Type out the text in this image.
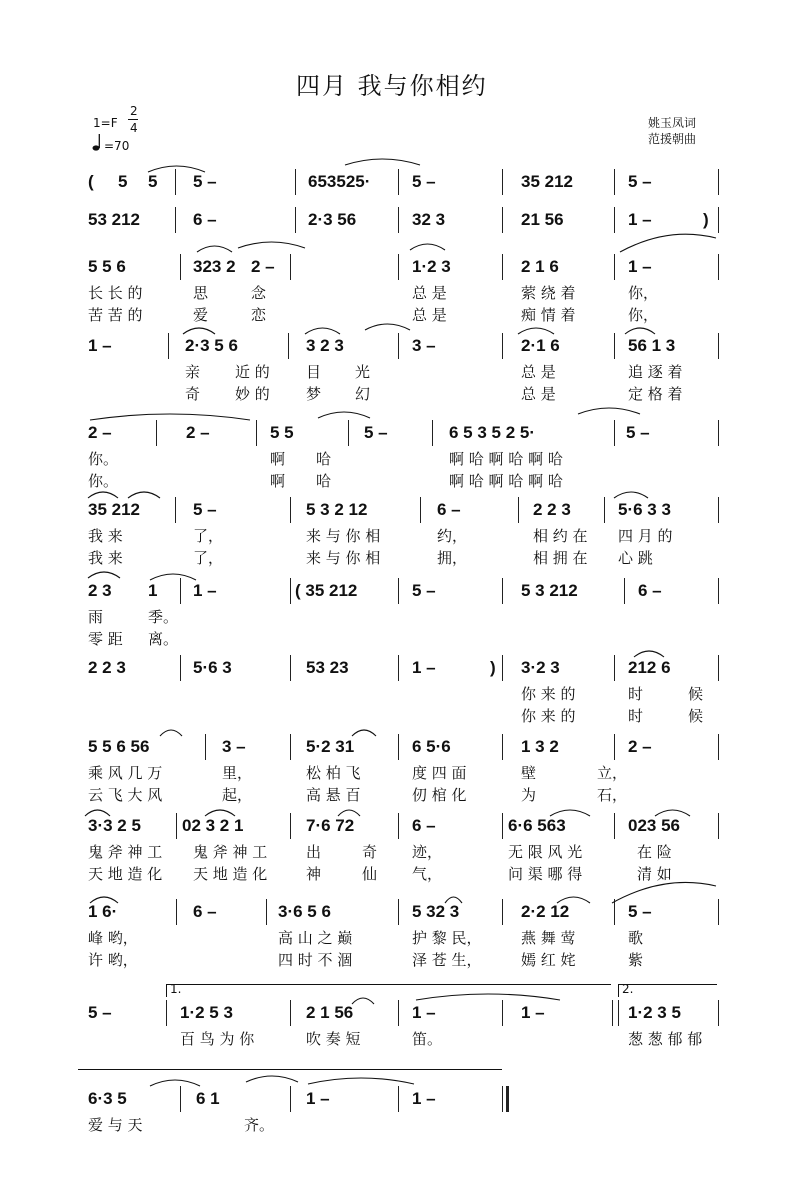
四月 我与你相约
1=F
2
4
=70
姚玉凤词
范援朝曲
( 5 5 5 –	653525· 5 –	35 212	5 –
53 212	6 –	2·3 56	32 3	21 56	1 –	)
5 5 6	323 2 2 –	1·2 3	2 1 6	1 –
长 长 的	思	念	总 是	萦 绕 着	你，
苦 苦 的	爱	恋	总 是	痴 情 着	你，
1 –	2·3 5 6	3 2 3	3 –	2·1 6	56 1 3
亲 近 的 目 光	总 是	追 逐 着
奇 妙 的 梦 幻	总 是	定 格 着
2 –	2 –	5 5	5 –	6 5 3 5 2 5·	5 –
你。	啊 哈	啊 哈 啊 哈 啊 哈
你。	啊 哈	啊 哈 啊 哈 啊 哈
35 212	5 –	5 3 2 12	6 –	2 2 3	5·6 3 3
我 来	了，	来 与 你 相	约，	相 约 在 四 月 的
我 来	了，	来 与 你 相	拥，	相 拥 在 心 跳
2 3 1 1 –	( 35 212	5 –	5 3 212	6 –
雨	季。
零 距 离。
2 2 3	5·6 3	53 23	1 –	) 3·2 3	212 6
你 来 的	时	候
你 来 的	时	候
5 5 6 56	3 –	5·2 31	6 5·6	1 3 2	2 –
乘 风 几 万	里，	松 柏 飞	度 四 面	壁	立，
云 飞 大 风	起，	高 悬 百	仞 棺 化	为	石，
3·3 2 5 02 3 2 1	7·6 72	6 –	6·6 563	023 56
鬼 斧 神 工 鬼 斧 神 工	出	奇 迹，	无 限 风 光	在 险
天 地 造 化 天 地 造 化	神	仙 气，	问 渠 哪 得	清 如
1 6·	6 –	3·6 5 6	5 32 3	2·2 12	5 –
峰 哟，	高 山 之 巅	护 黎 民，	燕 舞 莺	歌
许 哟，	四 时 不 涸	泽 苍 生，	嫣 红 姹	紫
5 –	1·2 5 3	2 1 56	1 –	1 –	1·2 3 5
百 鸟 为 你	吹 奏 短	笛。	葱 葱 郁 郁
1.	2.
6·3 5	6 1	1 –	1 –
爱 与 天	齐。
